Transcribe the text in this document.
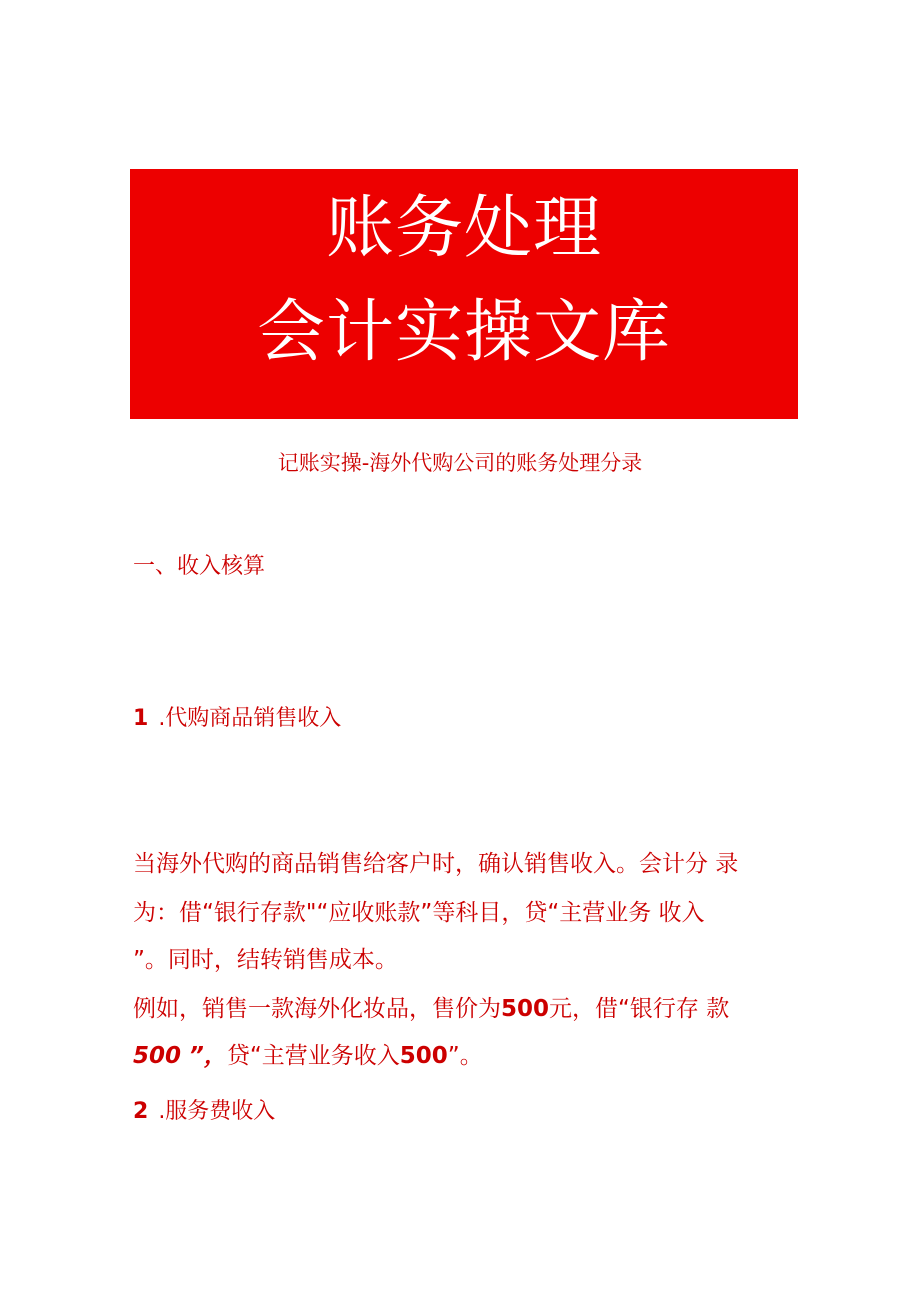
账务处理
会计实操文库
记账实操-海外代购公司的账务处理分录
一、收入核算
1 .代购商品销售收入
当海外代购的商品销售给客户时，确认销售收入。会计分 录
为：借“银行存款"“应收账款”等科目，贷“主营业务 收入
”。同时，结转销售成本。
例如，销售一款海外化妆品，售价为500元，借“银行存 款
500 ”，贷“主营业务收入500”。
2 .服务费收入
